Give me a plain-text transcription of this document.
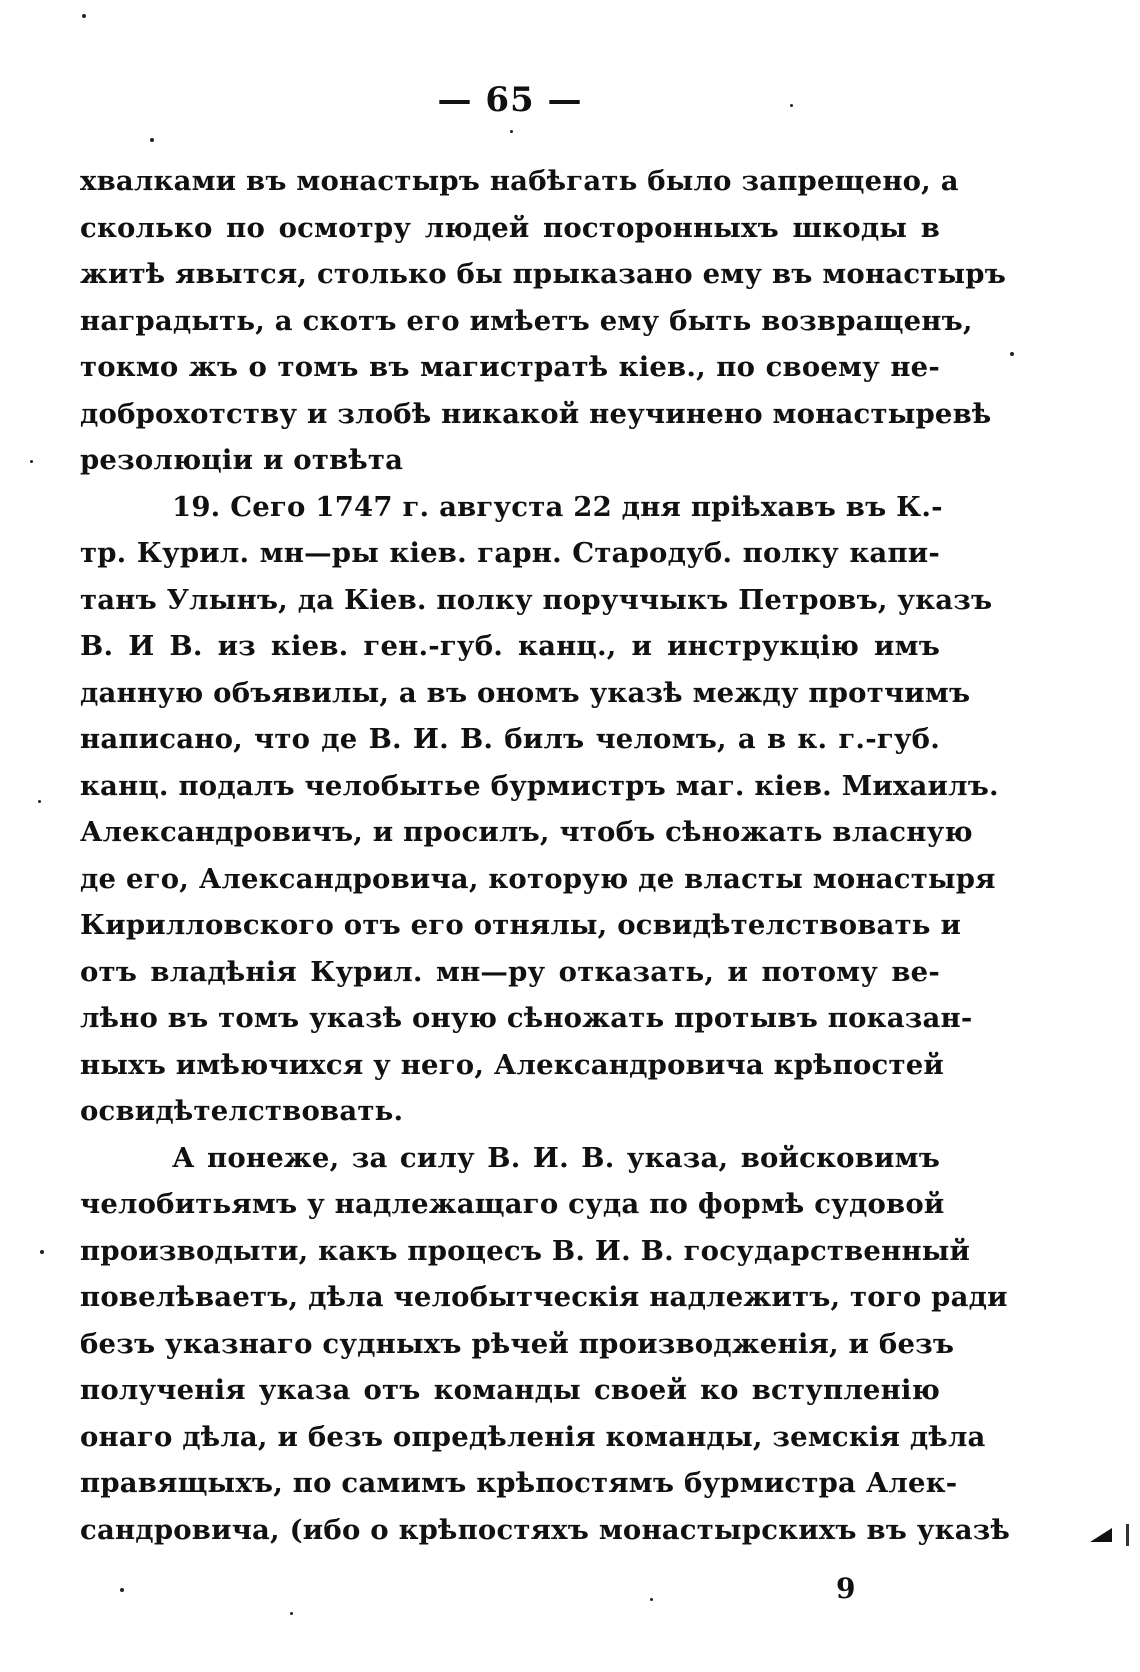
— 65 —
хвалками въ монастыръ набѣгать было запрещено, а
сколько по осмотру людей посторонныхъ шкоды в
житѣ явытся, столько бы прыказано ему въ монастыръ
наградыть, а скотъ его имѣетъ ему быть возвращенъ,
токмо жъ о томъ въ магистратѣ кіев., по своему не-
доброхотству и злобѣ никакой неучинено монастыревѣ
резолюціи и отвѣта
19. Сего 1747 г. августа 22 дня пріѣхавъ въ К.-
тр. Курил. мн—ры кіев. гарн. Стародуб. полку капи-
танъ Улынъ, да Кіев. полку поруччыкъ Петровъ, указъ
В. И В. из кіев. ген.-губ. канц., и инструкцію имъ
данную объявилы, а въ ономъ указѣ между протчимъ
написано, что де В. И. В. билъ челомъ, а в к. г.-губ.
канц. подалъ челобытье бурмистръ маг. кіев. Михаилъ.
Александровичъ, и просилъ, чтобъ сѣножать власную
де его, Александровича, которую де власты монастыря
Кирилловского отъ его отнялы, освидѣтелствовать и
отъ владѣнія Курил. мн—ру отказать, и потому ве-
лѣно въ томъ указѣ оную сѣножать протывъ показан-
ныхъ имѣючихся у него, Александровича крѣпостей
освидѣтелствовать.
А понеже, за силу В. И. В. указа, войсковимъ
челобитьямъ у надлежащаго суда по формѣ судовой
производыти, какъ процесъ В. И. В. государственный
повелѣваетъ, дѣла челобытческія надлежитъ, того ради
безъ указнаго судныхъ рѣчей производженія, и безъ
полученія указа отъ команды своей ко вступленію
онаго дѣла, и безъ опредѣленія команды, земскія дѣла
правящыхъ, по самимъ крѣпостямъ бурмистра Алек-
сандровича, (ибо о крѣпостяхъ монастырскихъ въ указѣ
9
